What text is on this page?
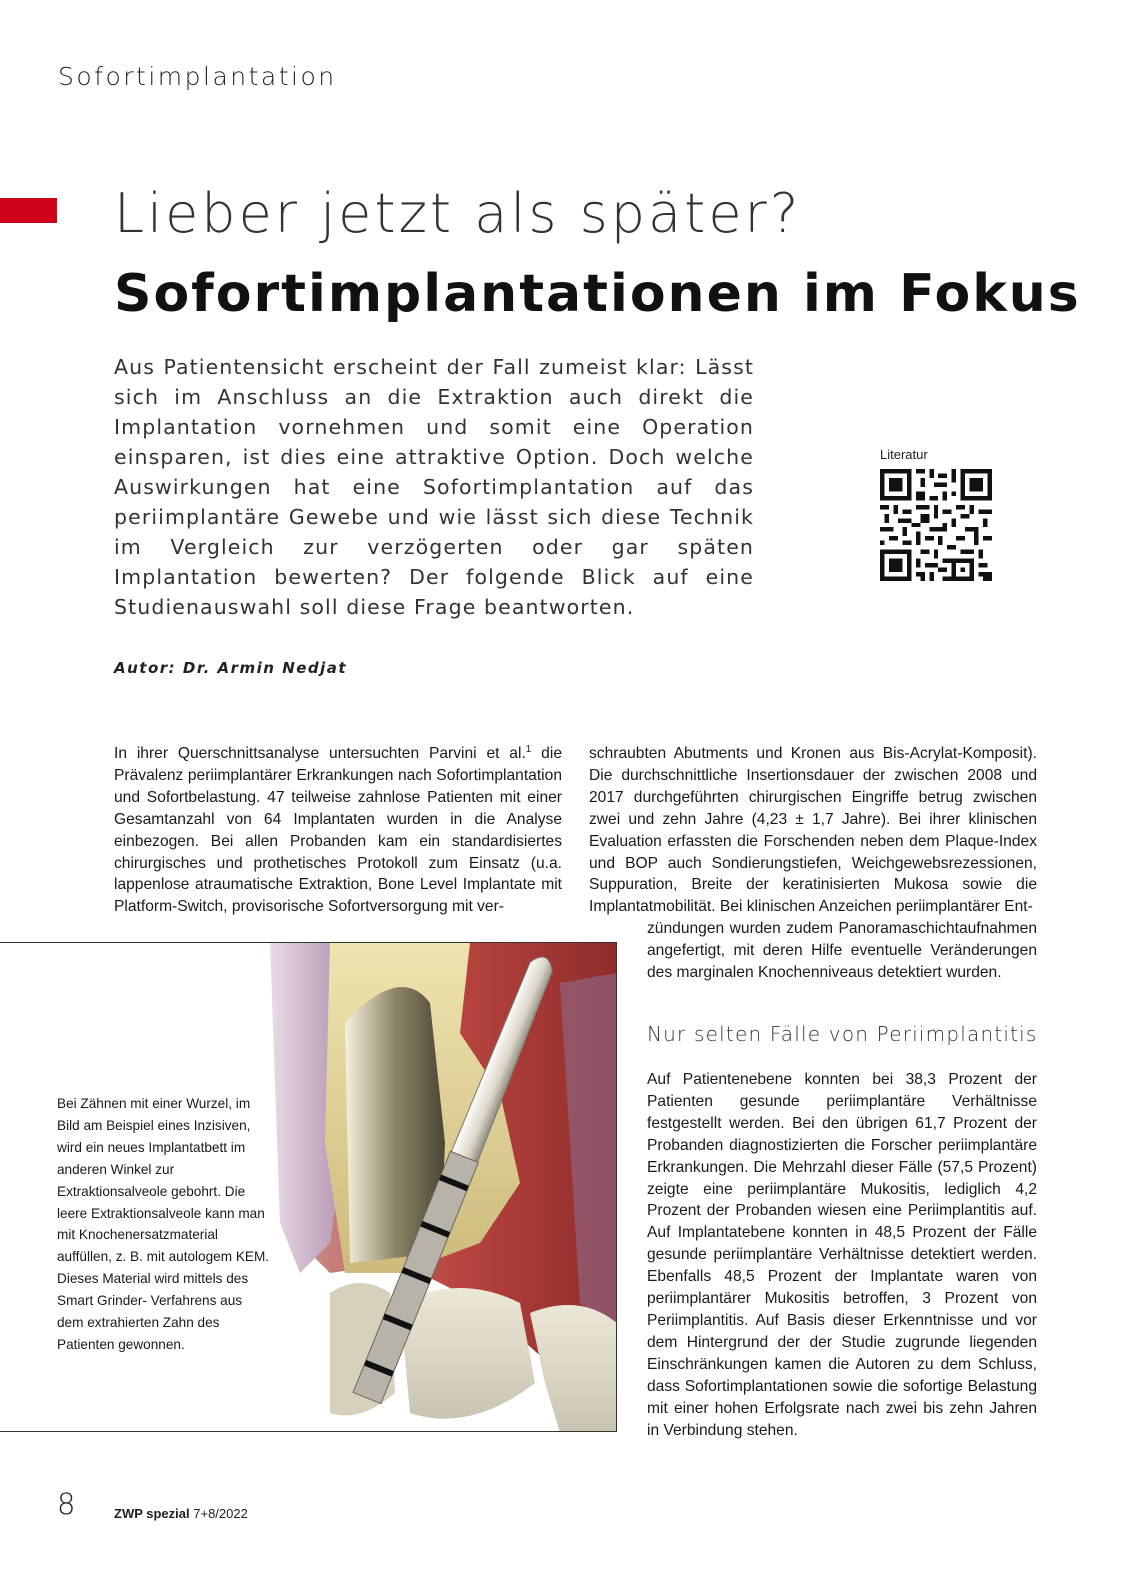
Sofortimplantation
Lieber jetzt als später?
Sofortimplantationen im Fokus

Aus Patientensicht erscheint der Fall zumeist klar: Lässt sich im Anschluss an die Extraktion auch direkt die Implantation vornehmen und somit eine Operation einsparen, ist dies eine attraktive Option. Doch welche Auswirkungen hat eine Sofortimplantation auf das periimplantäre Gewebe und wie lässt sich diese Technik im Vergleich zur verzögerten oder gar späten Implantation bewerten? Der folgende Blick auf eine Studienauswahl soll diese Frage beantworten.

Literatur
Autor: Dr. Armin Nedjat

In ihrer Querschnittsanalyse untersuchten Parvini et al.$^1$ die Prävalenz periimplantärer Erkrankungen nach Sofortimplantation und Sofortbelastung. 47 teilweise zahnlose Patienten mit einer Gesamtanzahl von 64 Implantaten wurden in die Analyse einbezogen. Bei allen Probanden kam ein standardisiertes chirurgisches und prothetisches Protokoll zum Einsatz (u.a. lappenlose atraumatische Extraktion, Bone Level Implantate mit Platform-Switch, provisorische Sofortversorgung mit ver-

schraubten Abutments und Kronen aus Bis-Acrylat-Komposit). Die durchschnittliche Insertionsdauer der zwischen 2008 und 2017 durchgeführten chirurgischen Eingriffe betrug zwischen zwei und zehn Jahre (4,23 ± 1,7 Jahre). Bei ihrer klinischen Evaluation erfassten die Forschenden neben dem Plaque-Index und BOP auch Sondierungstiefen, Weichgewebsrezessionen, Suppuration, Breite der keratinisierten Mukosa sowie die Implantatmobilität. Bei klinischen Anzeichen periimplantärer Ent-

zündungen wurden zudem Panoramaschichtaufnahmen angefertigt, mit deren Hilfe eventuelle Veränderungen des marginalen Knochenniveaus detektiert wurden.

Nur selten Fälle von Periimplantitis

Auf Patientenebene konnten bei 38,3 Prozent der Patienten gesunde periimplantäre Verhältnisse festgestellt werden. Bei den übrigen 61,7 Prozent der Probanden diagnostizierten die Forscher periimplantäre Erkrankungen. Die Mehrzahl dieser Fälle (57,5 Prozent) zeigte eine periimplantäre Mukositis, lediglich 4,2 Prozent der Probanden wiesen eine Periimplantitis auf. Auf Implantatebene konnten in 48,5 Prozent der Fälle gesunde periimplantäre Verhältnisse detektiert werden. Ebenfalls 48,5 Prozent der Implantate waren von periimplantärer Mukositis betroffen, 3 Prozent von Periimplantitis. Auf Basis dieser Erkenntnisse und vor dem Hintergrund der der Studie zugrunde liegenden Einschränkungen kamen die Autoren zu dem Schluss, dass Sofortimplantationen sowie die sofortige Belastung mit einer hohen Erfolgsrate nach zwei bis zehn Jahren in Verbindung stehen.

Bei Zähnen mit einer Wurzel, im Bild am Beispiel eines Inzisiven, wird ein neues Implantatbett im anderen Winkel zur Extraktionsalveole gebohrt. Die leere Extraktionsalveole kann man mit Knochenersatzmaterial auffüllen, z. B. mit autologem KEM. Dieses Material wird mittels des Smart Grinder- Verfahrens aus dem extrahierten Zahn des Patienten gewonnen.

8	ZWP spezial 7+8/2022
